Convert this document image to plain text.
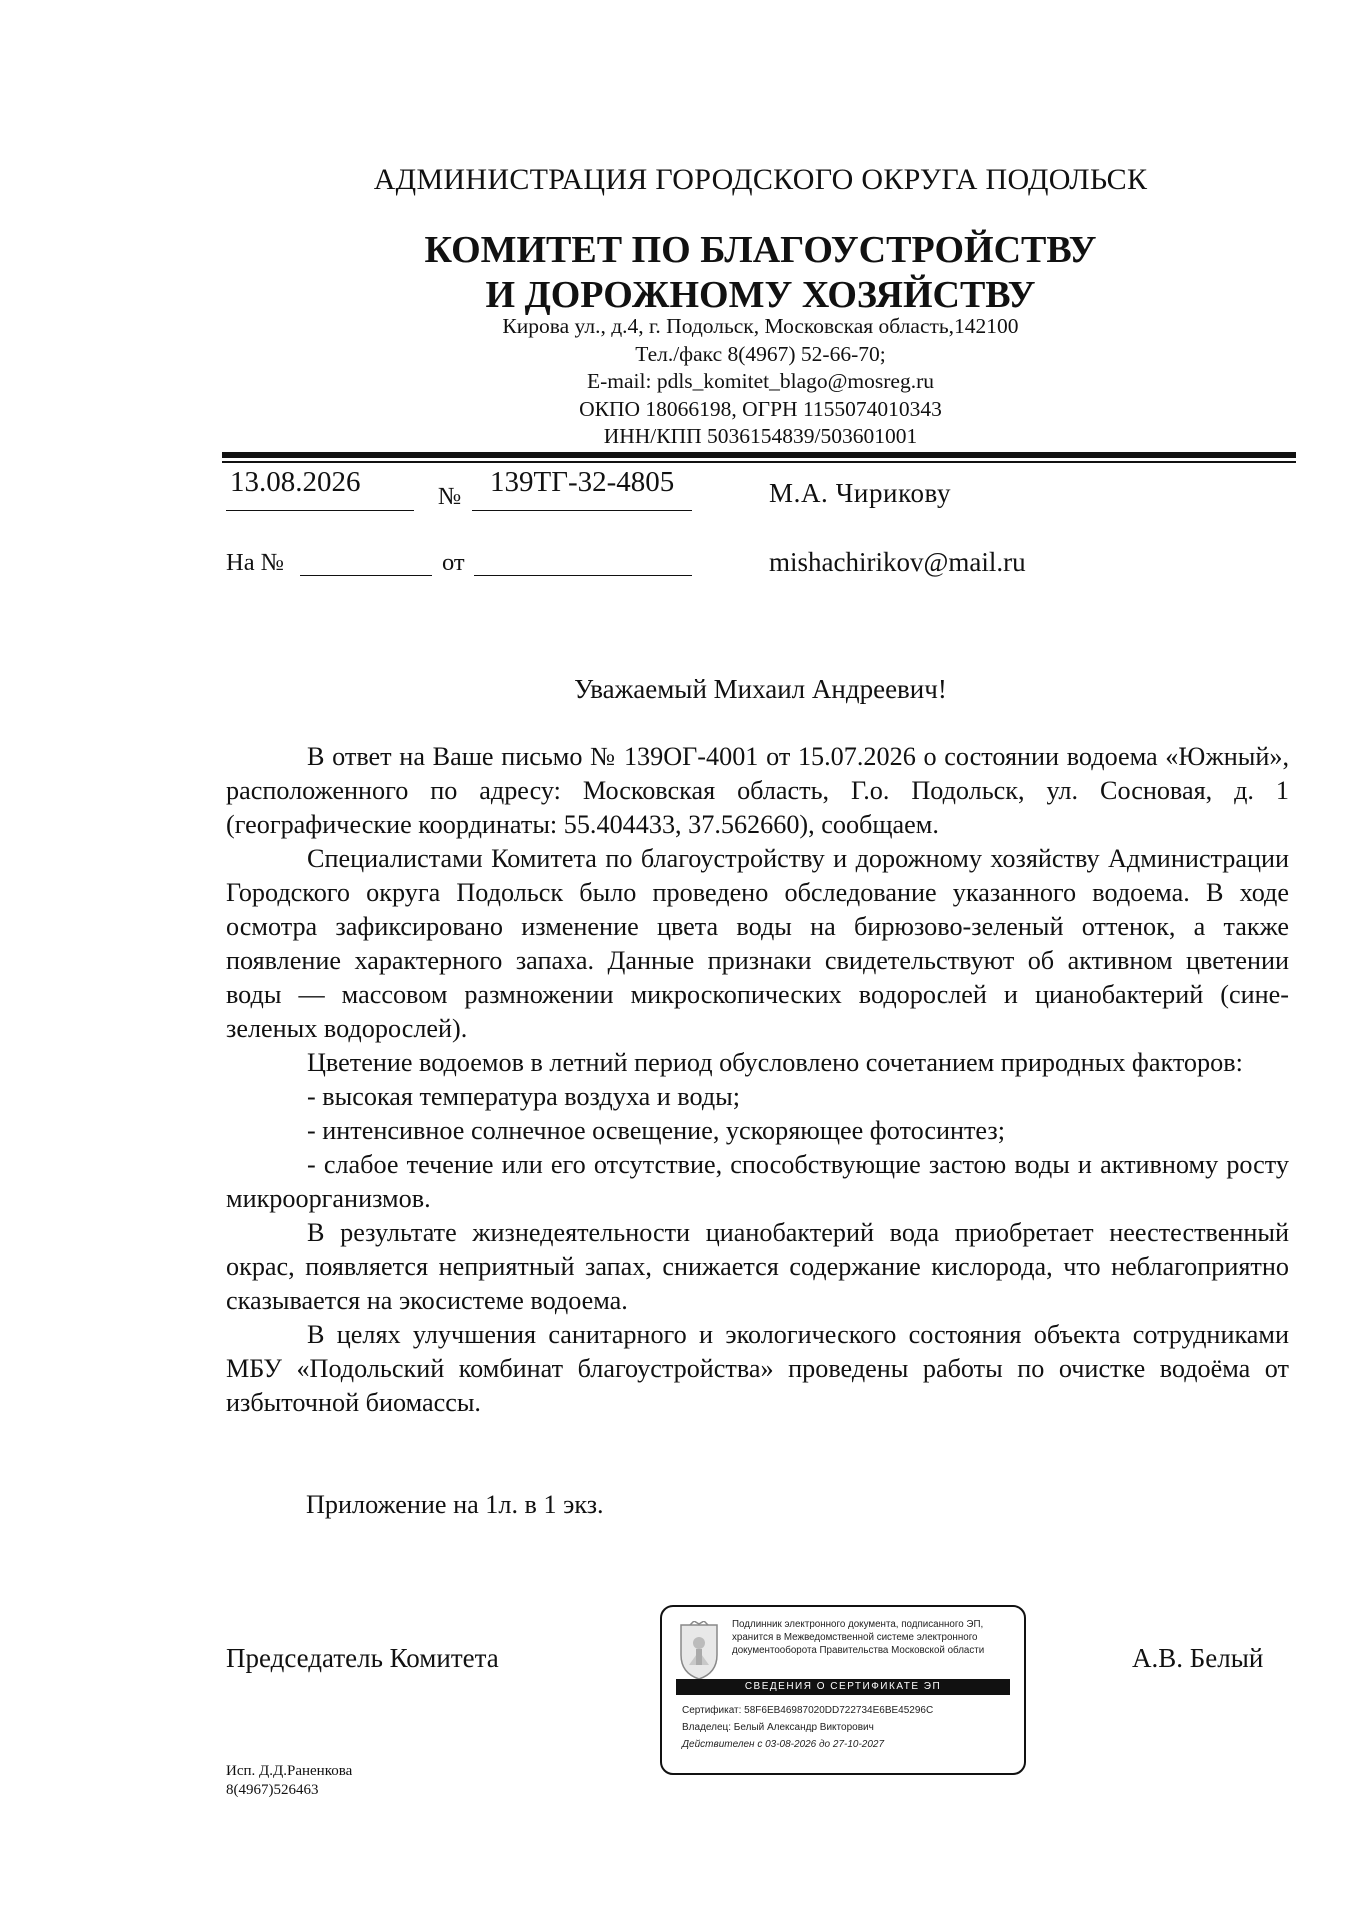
АДМИНИСТРАЦИЯ ГОРОДСКОГО ОКРУГА ПОДОЛЬСК
КОМИТЕТ ПО БЛАГОУСТРОЙСТВУ
И ДОРОЖНОМУ ХОЗЯЙСТВУ
Кирова ул., д.4, г. Подольск, Московская область,142100
Тел./факс 8(4967) 52-66-70;
E-mail: pdls_komitet_blago@mosreg.ru
ОКПО 18066198, ОГРН 1155074010343
ИНН/КПП 5036154839/503601001
13.08.2026	№ 139ТГ-32-4805
На №	от
М.А. Чирикову
mishachirikov@mail.ru
Уважаемый Михаил Андреевич!

В ответ на Ваше письмо № 139ОГ-4001 от 15.07.2026 о состоянии водоема «Южный», расположенного по адресу: Московская область, Г.о. Подольск, ул. Сосновая, д. 1 (географические координаты: 55.404433, 37.562660), сообщаем.

Специалистами Комитета по благоустройству и дорожному хозяйству Администрации Городского округа Подольск было проведено обследование указанного водоема. В ходе осмотра зафиксировано изменение цвета воды на бирюзово-зеленый оттенок, а также появление характерного запаха. Данные признаки свидетельствуют об активном цветении воды — массовом размножении микроскопических водорослей и цианобактерий (сине-зеленых водорослей).

Цветение водоемов в летний период обусловлено сочетанием природных факторов:

- высокая температура воздуха и воды;

- интенсивное солнечное освещение, ускоряющее фотосинтез;

- слабое течение или его отсутствие, способствующие застою воды и активному росту микроорганизмов.

В результате жизнедеятельности цианобактерий вода приобретает неестественный окрас, появляется неприятный запах, снижается содержание кислорода, что неблагоприятно сказывается на экосистеме водоема.

В целях улучшения санитарного и экологического состояния объекта сотрудниками МБУ «Подольский комбинат благоустройства» проведены работы по очистке водоёма от избыточной биомассы.

Приложение на 1л. в 1 экз.
Председатель Комитета	А.В. Белый
Подлинник электронного документа, подписанного ЭП,
хранится в Межведомственной системе электронного
документооборота Правительства Московской области
СВЕДЕНИЯ О СЕРТИФИКАТЕ ЭП
Сертификат: 58F6EB46987020DD722734E6BE45296C
Владелец: Белый Александр Викторович
Действителен с 03-08-2026 до 27-10-2027
Исп. Д.Д.Раненкова
8(4967)526463
